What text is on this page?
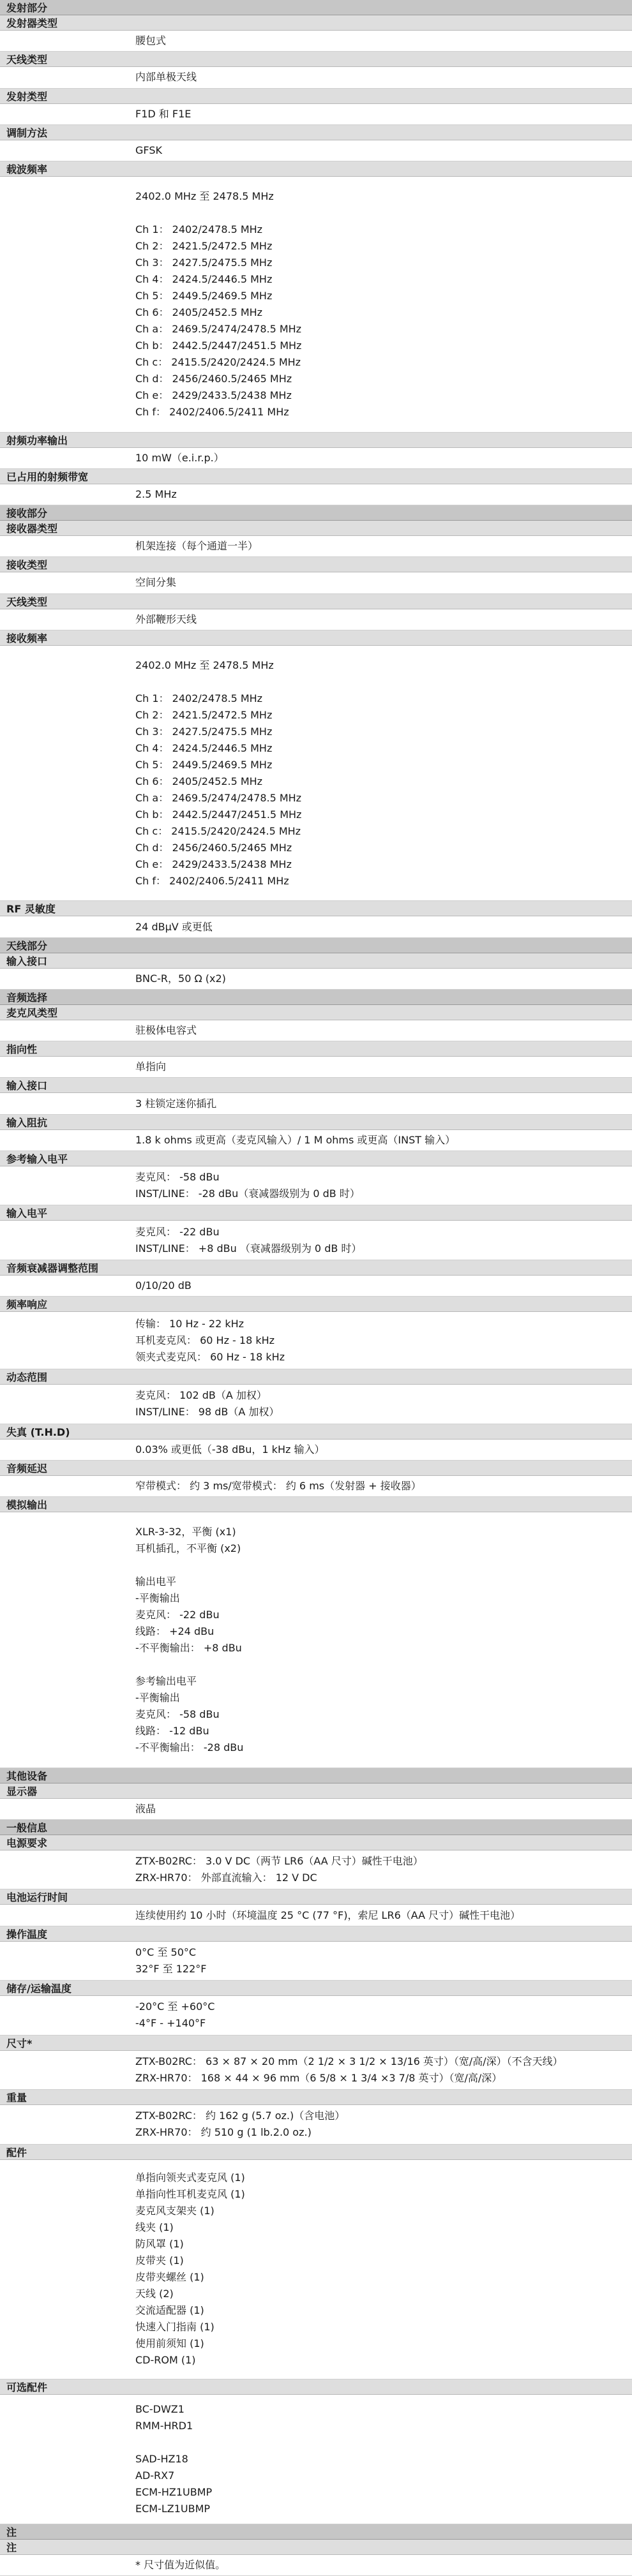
发射部分
发射器类型
腰包式
天线类型
内部单极天线
发射类型
F1D 和 F1E
调制方法
GFSK
载波频率
2402.0 MHz 至 2478.5 MHz
Ch 1： 2402/2478.5 MHz
Ch 2： 2421.5/2472.5 MHz
Ch 3： 2427.5/2475.5 MHz
Ch 4： 2424.5/2446.5 MHz
Ch 5： 2449.5/2469.5 MHz
Ch 6： 2405/2452.5 MHz
Ch a： 2469.5/2474/2478.5 MHz
Ch b： 2442.5/2447/2451.5 MHz
Ch c： 2415.5/2420/2424.5 MHz
Ch d： 2456/2460.5/2465 MHz
Ch e： 2429/2433.5/2438 MHz
Ch f： 2402/2406.5/2411 MHz
射频功率输出
10 mW（e.i.r.p.）
已占用的射频带宽
2.5 MHz
接收部分
接收器类型
机架连接（每个通道一半）
接收类型
空间分集
天线类型
外部鞭形天线
接收频率
2402.0 MHz 至 2478.5 MHz
Ch 1： 2402/2478.5 MHz
Ch 2： 2421.5/2472.5 MHz
Ch 3： 2427.5/2475.5 MHz
Ch 4： 2424.5/2446.5 MHz
Ch 5： 2449.5/2469.5 MHz
Ch 6： 2405/2452.5 MHz
Ch a： 2469.5/2474/2478.5 MHz
Ch b： 2442.5/2447/2451.5 MHz
Ch c： 2415.5/2420/2424.5 MHz
Ch d： 2456/2460.5/2465 MHz
Ch e： 2429/2433.5/2438 MHz
Ch f： 2402/2406.5/2411 MHz
RF 灵敏度
24 dBμV 或更低
天线部分
输入接口
BNC-R，50 Ω (x2)
音频选择
麦克风类型
驻极体电容式
指向性
单指向
输入接口
3 柱锁定迷你插孔
输入阻抗
1.8 k ohms 或更高（麦克风输入）/ 1 M ohms 或更高（INST 输入）
参考输入电平
麦克风： -58 dBu
INST/LINE： -28 dBu（衰减器级别为 0 dB 时）
输入电平
麦克风： -22 dBu
INST/LINE： +8 dBu （衰减器级别为 0 dB 时）
音频衰减器调整范围
0/10/20 dB
频率响应
传输： 10 Hz - 22 kHz
耳机麦克风： 60 Hz - 18 kHz
领夹式麦克风： 60 Hz - 18 kHz
动态范围
麦克风： 102 dB（A 加权）
INST/LINE： 98 dB（A 加权）
失真 (T.H.D)
0.03% 或更低（-38 dBu，1 kHz 输入）
音频延迟
窄带模式： 约 3 ms/宽带模式： 约 6 ms（发射器 + 接收器）
模拟输出
XLR-3-32，平衡 (x1)
耳机插孔，不平衡 (x2)
输出电平
-平衡输出
麦克风： -22 dBu
线路： +24 dBu
-不平衡输出： +8 dBu
参考输出电平
-平衡输出
麦克风： -58 dBu
线路： -12 dBu
-不平衡输出： -28 dBu
其他设备
显示器
液晶
一般信息
电源要求
ZTX-B02RC： 3.0 V DC（两节 LR6（AA 尺寸）碱性干电池）
ZRX-HR70： 外部直流输入： 12 V DC
电池运行时间
连续使用约 10 小时（环境温度 25 °C (77 °F)，索尼 LR6（AA 尺寸）碱性干电池）
操作温度
0°C 至 50°C
32°F 至 122°F
储存/运输温度
-20°C 至 +60°C
-4°F - +140°F
尺寸*
ZTX-B02RC： 63 × 87 × 20 mm（2 1/2 × 3 1/2 × 13/16 英寸）（宽/高/深）（不含天线）
ZRX-HR70： 168 × 44 × 96 mm（6 5/8 × 1 3/4 ×3 7/8 英寸）（宽/高/深）
重量
ZTX-B02RC： 约 162 g (5.7 oz.)（含电池）
ZRX-HR70： 约 510 g (1 lb.2.0 oz.)
配件
单指向领夹式麦克风 (1)
单指向性耳机麦克风 (1)
麦克风支架夹 (1)
线夹 (1)
防风罩 (1)
皮带夹 (1)
皮带夹螺丝 (1)
天线 (2)
交流适配器 (1)
快速入门指南 (1)
使用前须知 (1)
CD-ROM (1)
可选配件
BC-DWZ1
RMM-HRD1
SAD-HZ18
AD-RX7
ECM-HZ1UBMP
ECM-LZ1UBMP
注
注
* 尺寸值为近似值。
